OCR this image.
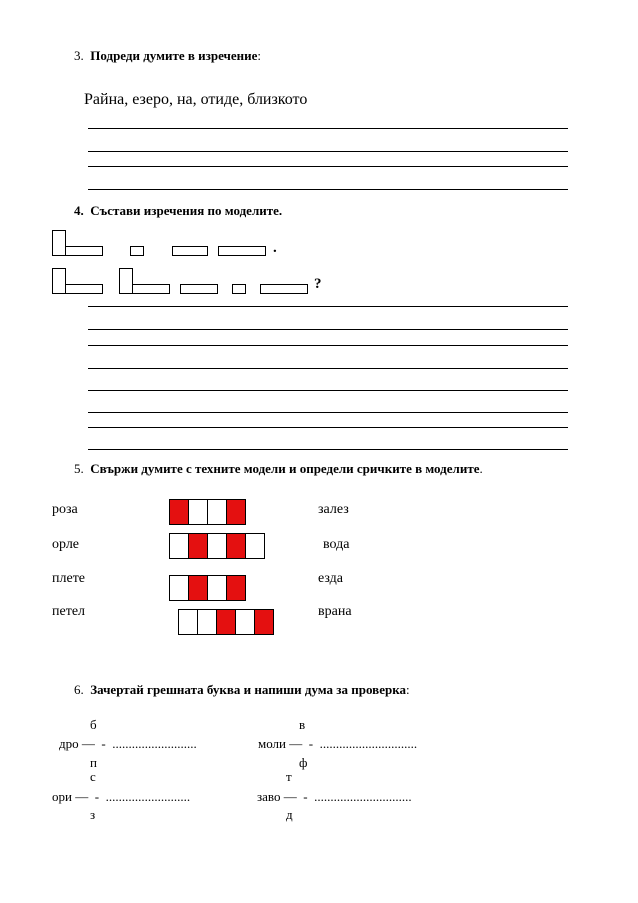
3. Подреди думите в изречение:
Райна, езеро, на, отиде, близкото
4. Състави изречения по моделите.
.
?
5. Свържи думите с техните модели и определи сричките в моделите.
роза
орле
плете
петел
залез
вода
езда
врана
6. Зачертай грешната буква и напиши дума за проверка:
б
дро — - ..........................
п
в
моли — - ..............................
ф
с
ори — - ..........................
з
т
заво — - ..............................
д
